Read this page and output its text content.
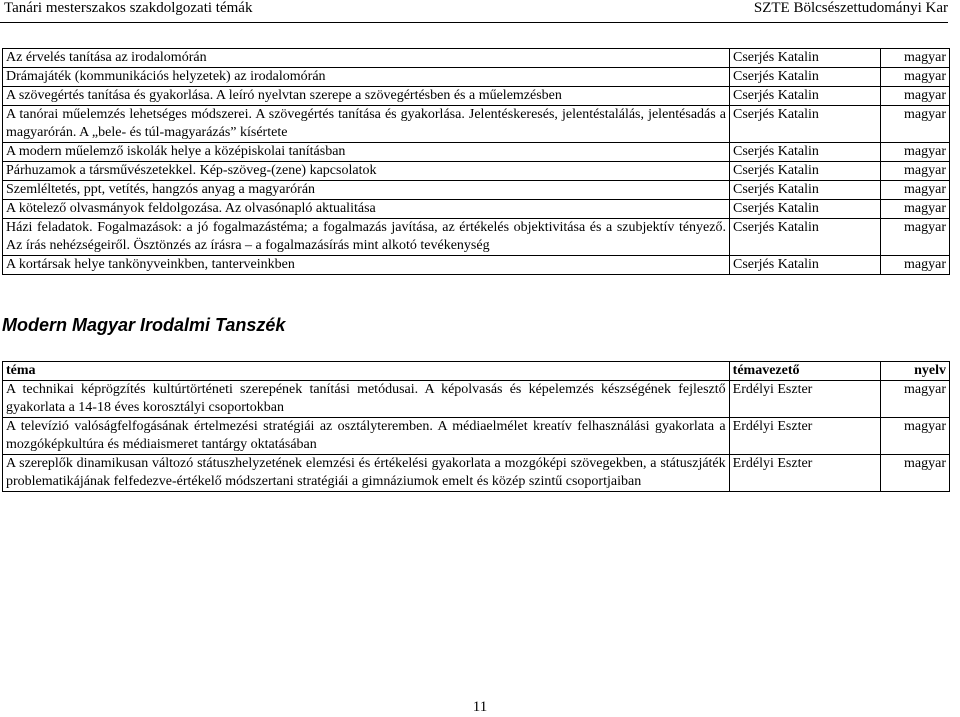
Tanári mesterszakos szakdolgozati témák	SZTE Bölcsészettudományi Kar
Az érvelés tanítása az irodalomórán	Cserjés Katalin	magyar
Drámajáték (kommunikációs helyzetek) az irodalomórán	Cserjés Katalin	magyar
A szövegértés tanítása és gyakorlása. A leíró nyelvtan szerepe a szövegértésben és a műelemzésben	Cserjés Katalin	magyar
A tanórai műelemzés lehetséges módszerei. A szövegértés tanítása és gyakorlása. Jelentéskeresés, jelentéstalálás, jelentésadás a magyarórán. A „bele- és túl-magyarázás” kísértete	Cserjés Katalin	magyar
A modern műelemző iskolák helye a középiskolai tanításban	Cserjés Katalin	magyar
Párhuzamok a társművészetekkel. Kép-szöveg-(zene) kapcsolatok	Cserjés Katalin	magyar
Szemléltetés, ppt, vetítés, hangzós anyag a magyarórán	Cserjés Katalin	magyar
A kötelező olvasmányok feldolgozása. Az olvasónapló aktualitása	Cserjés Katalin	magyar
Házi feladatok. Fogalmazások: a jó fogalmazástéma; a fogalmazás javítása, az értékelés objektivitása és a szubjektív tényező. Az írás nehézségeiről. Ösztönzés az írásra – a fogalmazásírás mint alkotó tevékenység	Cserjés Katalin	magyar
A kortársak helye tankönyveinkben, tanterveinkben	Cserjés Katalin	magyar
Modern Magyar Irodalmi Tanszék
téma	témavezető	nyelv
A technikai képrögzítés kultúrtörténeti szerepének tanítási metódusai. A képolvasás és képelemzés készségének fejlesztő gyakorlata a 14-18 éves korosztályi csoportokban	Erdélyi Eszter	magyar
A televízió valóságfelfogásának értelmezési stratégiái az osztályteremben. A médiaelmélet kreatív felhasználási gyakorlata a mozgóképkultúra és médiaismeret tantárgy oktatásában	Erdélyi Eszter	magyar
A szereplők dinamikusan változó státuszhelyzetének elemzési és értékelési gyakorlata a mozgóképi szövegekben, a státuszjáték problematikájának felfedezve-értékelő módszertani stratégiái a gimnáziumok emelt és közép szintű csoportjaiban	Erdélyi Eszter	magyar
11
